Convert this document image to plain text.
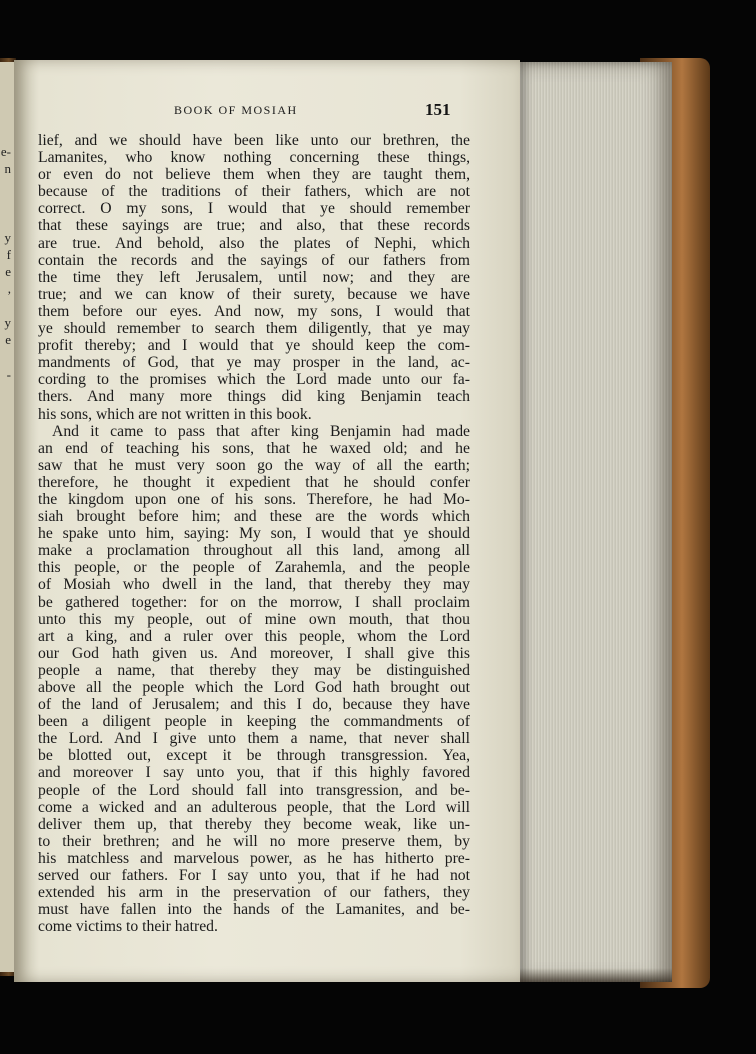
e-
n
y
f
e
,
y
e
-
BOOK OF MOSIAH	151
lief, and we should have been like unto our brethren, the
Lamanites, who know nothing concerning these things,
or even do not believe them when they are taught them,
because of the traditions of their fathers, which are not
correct. O my sons, I would that ye should remember
that these sayings are true; and also, that these records
are true. And behold, also the plates of Nephi, which
contain the records and the sayings of our fathers from
the time they left Jerusalem, until now; and they are
true; and we can know of their surety, because we have
them before our eyes. And now, my sons, I would that
ye should remember to search them diligently, that ye may
profit thereby; and I would that ye should keep the com-
mandments of God, that ye may prosper in the land, ac-
cording to the promises which the Lord made unto our fa-
thers. And many more things did king Benjamin teach
his sons, which are not written in this book.
And it came to pass that after king Benjamin had made
an end of teaching his sons, that he waxed old; and he
saw that he must very soon go the way of all the earth;
therefore, he thought it expedient that he should confer
the kingdom upon one of his sons. Therefore, he had Mo-
siah brought before him; and these are the words which
he spake unto him, saying: My son, I would that ye should
make a proclamation throughout all this land, among all
this people, or the people of Zarahemla, and the people
of Mosiah who dwell in the land, that thereby they may
be gathered together: for on the morrow, I shall proclaim
unto this my people, out of mine own mouth, that thou
art a king, and a ruler over this people, whom the Lord
our God hath given us. And moreover, I shall give this
people a name, that thereby they may be distinguished
above all the people which the Lord God hath brought out
of the land of Jerusalem; and this I do, because they have
been a diligent people in keeping the commandments of
the Lord. And I give unto them a name, that never shall
be blotted out, except it be through transgression. Yea,
and moreover I say unto you, that if this highly favored
people of the Lord should fall into transgression, and be-
come a wicked and an adulterous people, that the Lord will
deliver them up, that thereby they become weak, like un-
to their brethren; and he will no more preserve them, by
his matchless and marvelous power, as he has hitherto pre-
served our fathers. For I say unto you, that if he had not
extended his arm in the preservation of our fathers, they
must have fallen into the hands of the Lamanites, and be-
come victims to their hatred.
